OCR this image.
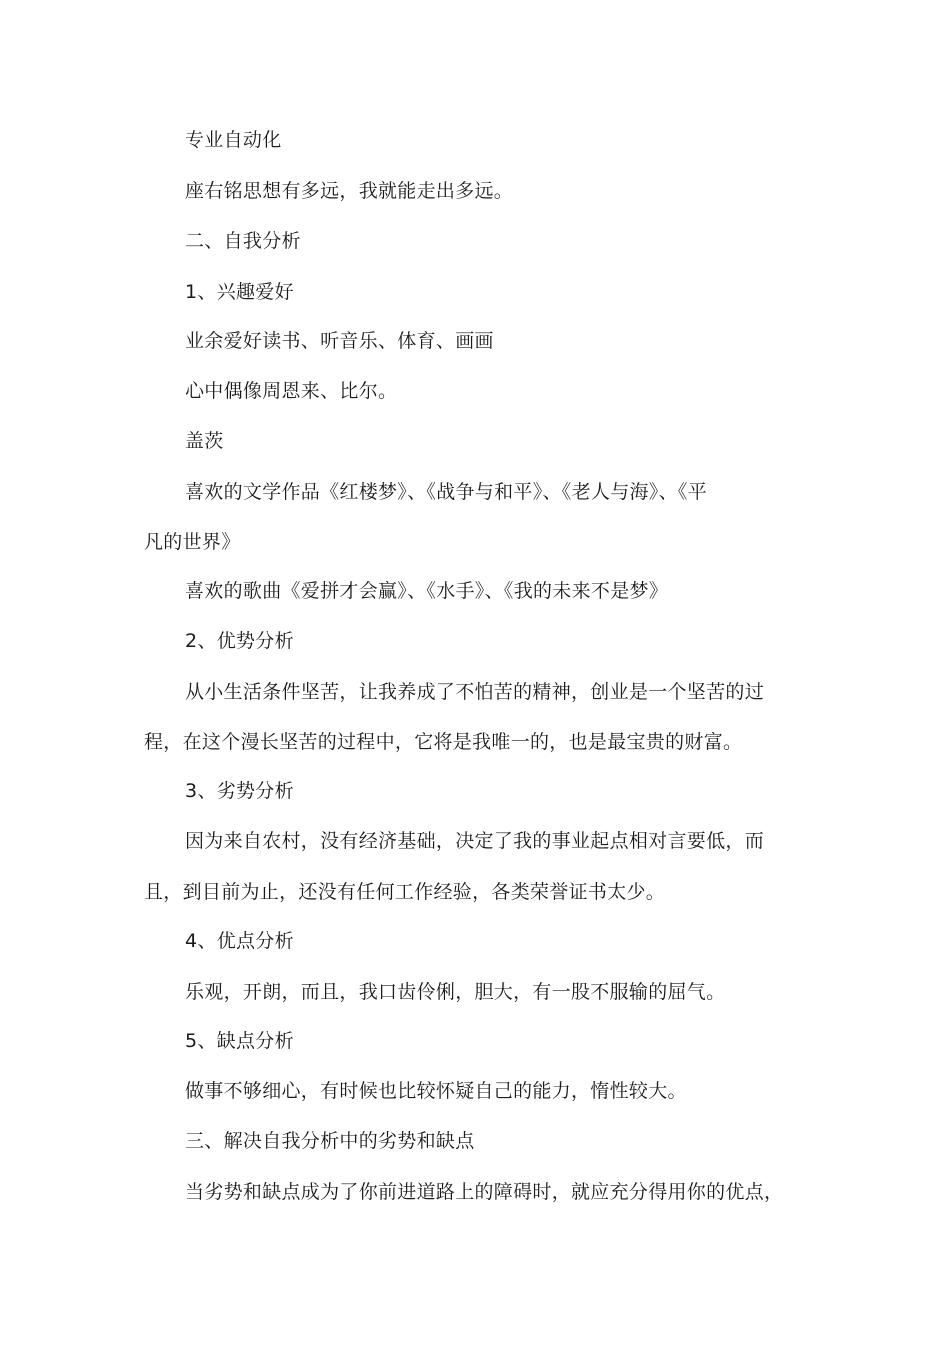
专业自动化
座右铭思想有多远，我就能走出多远。
二、自我分析
1、兴趣爱好
业余爱好读书、听音乐、体育、画画
心中偶像周恩来、比尔。
盖茨
喜欢的文学作品《红楼梦》、《战争与和平》、《老人与海》、《平
凡的世界》
喜欢的歌曲《爱拼才会赢》、《水手》、《我的未来不是梦》
2、优势分析
从小生活条件坚苦，让我养成了不怕苦的精神，创业是一个坚苦的过
程，在这个漫长坚苦的过程中，它将是我唯一的，也是最宝贵的财富。
3、劣势分析
因为来自农村，没有经济基础，决定了我的事业起点相对言要低，而
且，到目前为止，还没有任何工作经验，各类荣誉证书太少。
4、优点分析
乐观，开朗，而且，我口齿伶俐，胆大，有一股不服输的屈气。
5、缺点分析
做事不够细心，有时候也比较怀疑自己的能力，惰性较大。
三、解决自我分析中的劣势和缺点
当劣势和缺点成为了你前进道路上的障碍时，就应充分得用你的优点，
